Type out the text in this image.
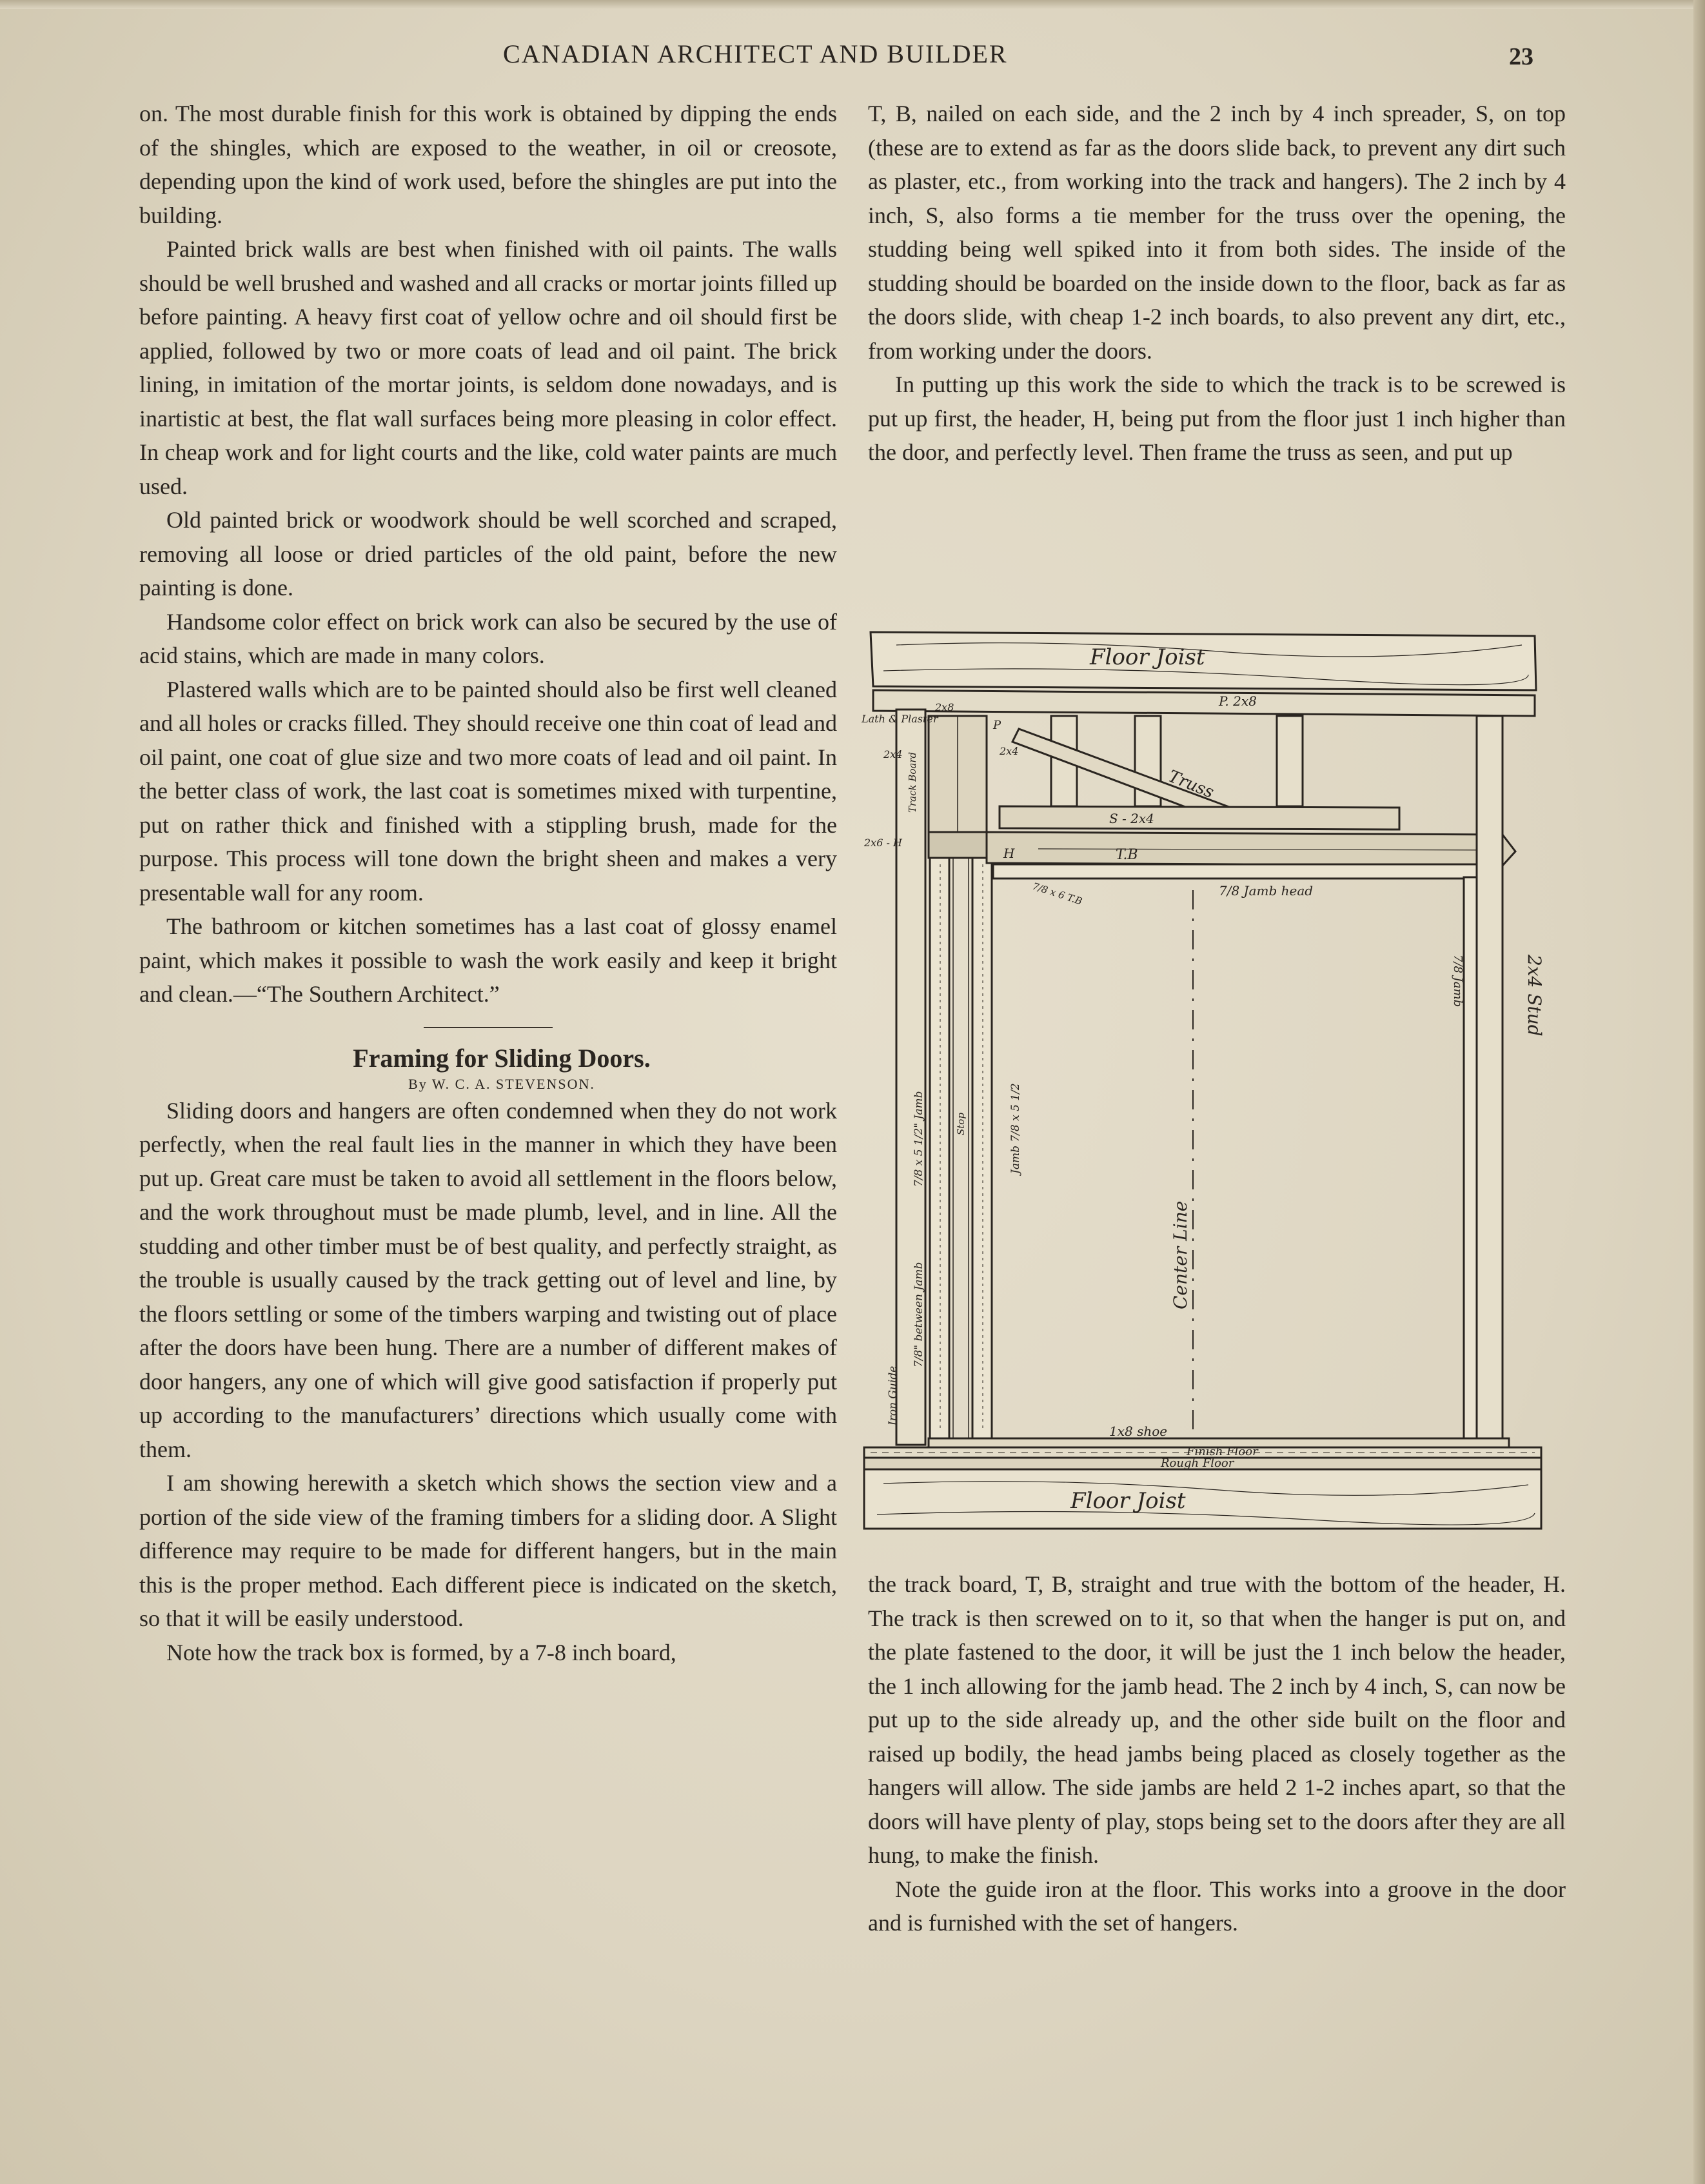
CANADIAN ARCHITECT AND BUILDER	23

on. The most durable finish for this work is obtained by dipping the ends of the shingles, which are exposed to the weather, in oil or creosote, depending upon the kind of work used, before the shingles are put into the building.

Painted brick walls are best when finished with oil paints. The walls should be well brushed and washed and all cracks or mortar joints filled up before painting. A heavy first coat of yellow ochre and oil should first be applied, followed by two or more coats of lead and oil paint. The brick lining, in imitation of the mortar joints, is seldom done nowadays, and is inartistic at best, the flat wall surfaces being more pleasing in color effect. In cheap work and for light courts and the like, cold water paints are much used.

Old painted brick or woodwork should be well scorched and scraped, removing all loose or dried particles of the old paint, before the new painting is done.

Handsome color effect on brick work can also be secured by the use of acid stains, which are made in many colors.

Plastered walls which are to be painted should also be first well cleaned and all holes or cracks filled. They should receive one thin coat of lead and oil paint, one coat of glue size and two more coats of lead and oil paint. In the better class of work, the last coat is sometimes mixed with turpentine, put on rather thick and finished with a stippling brush, made for the purpose. This process will tone down the bright sheen and makes a very presentable wall for any room.

The bathroom or kitchen sometimes has a last coat of glossy enamel paint, which makes it possible to wash the work easily and keep it bright and clean.—“The Southern Architect.”

Framing for Sliding Doors.

By W. C. A. STEVENSON.

Sliding doors and hangers are often condemned when they do not work perfectly, when the real fault lies in the manner in which they have been put up. Great care must be taken to avoid all settlement in the floors below, and the work throughout must be made plumb, level, and in line. All the studding and other timber must be of best quality, and perfectly straight, as the trouble is usually caused by the track getting out of level and line, by the floors settling or some of the timbers warping and twisting out of place after the doors have been hung. There are a number of different makes of door hangers, any one of which will give good satisfaction if properly put up according to the manufacturers’ directions which usually come with them.

I am showing herewith a sketch which shows the section view and a portion of the side view of the framing timbers for a sliding door. A Slight difference may require to be made for different hangers, but in the main this is the proper method. Each different piece is indicated on the sketch, so that it will be easily understood.

Note how the track box is formed, by a 7-8 inch board,

T, B, nailed on each side, and the 2 inch by 4 inch spreader, S, on top (these are to extend as far as the doors slide back, to prevent any dirt such as plaster, etc., from working into the track and hangers). The 2 inch by 4 inch, S, also forms a tie member for the truss over the opening, the studding being well spiked into it from both sides. The inside of the studding should be boarded on the inside down to the floor, back as far as the doors slide, with cheap 1-2 inch boards, to also prevent any dirt, etc., from working under the doors.

In putting up this work the side to which the track is to be screwed is put up first, the header, H, being put from the floor just 1 inch higher than the door, and perfectly level. Then frame the truss as seen, and put up

Floor Joist
P. 2x8
Lath & Plaster	P
2x4	2x4
2x8
Truss
S - 2x4
Track Board
2x6 - H
H	T.B
7/8 x 6 T.B	7/8 Jamb head
2x4 Stud
7/8 Jamb
7/8 x 5 1/2" Jamb
7/8" between Jamb
Stop	Jamb 7/8 x 5 1/2
Center Line
Iron Guide
1x8 shoe
Finish Floor
Rough Floor
Floor Joist

the track board, T, B, straight and true with the bottom of the header, H. The track is then screwed on to it, so that when the hanger is put on, and the plate fastened to the door, it will be just the 1 inch below the header, the 1 inch allowing for the jamb head. The 2 inch by 4 inch, S, can now be put up to the side already up, and the other side built on the floor and raised up bodily, the head jambs being placed as closely together as the hangers will allow. The side jambs are held 2 1-2 inches apart, so that the doors will have plenty of play, stops being set to the doors after they are all hung, to make the finish.

Note the guide iron at the floor. This works into a groove in the door and is furnished with the set of hangers.
